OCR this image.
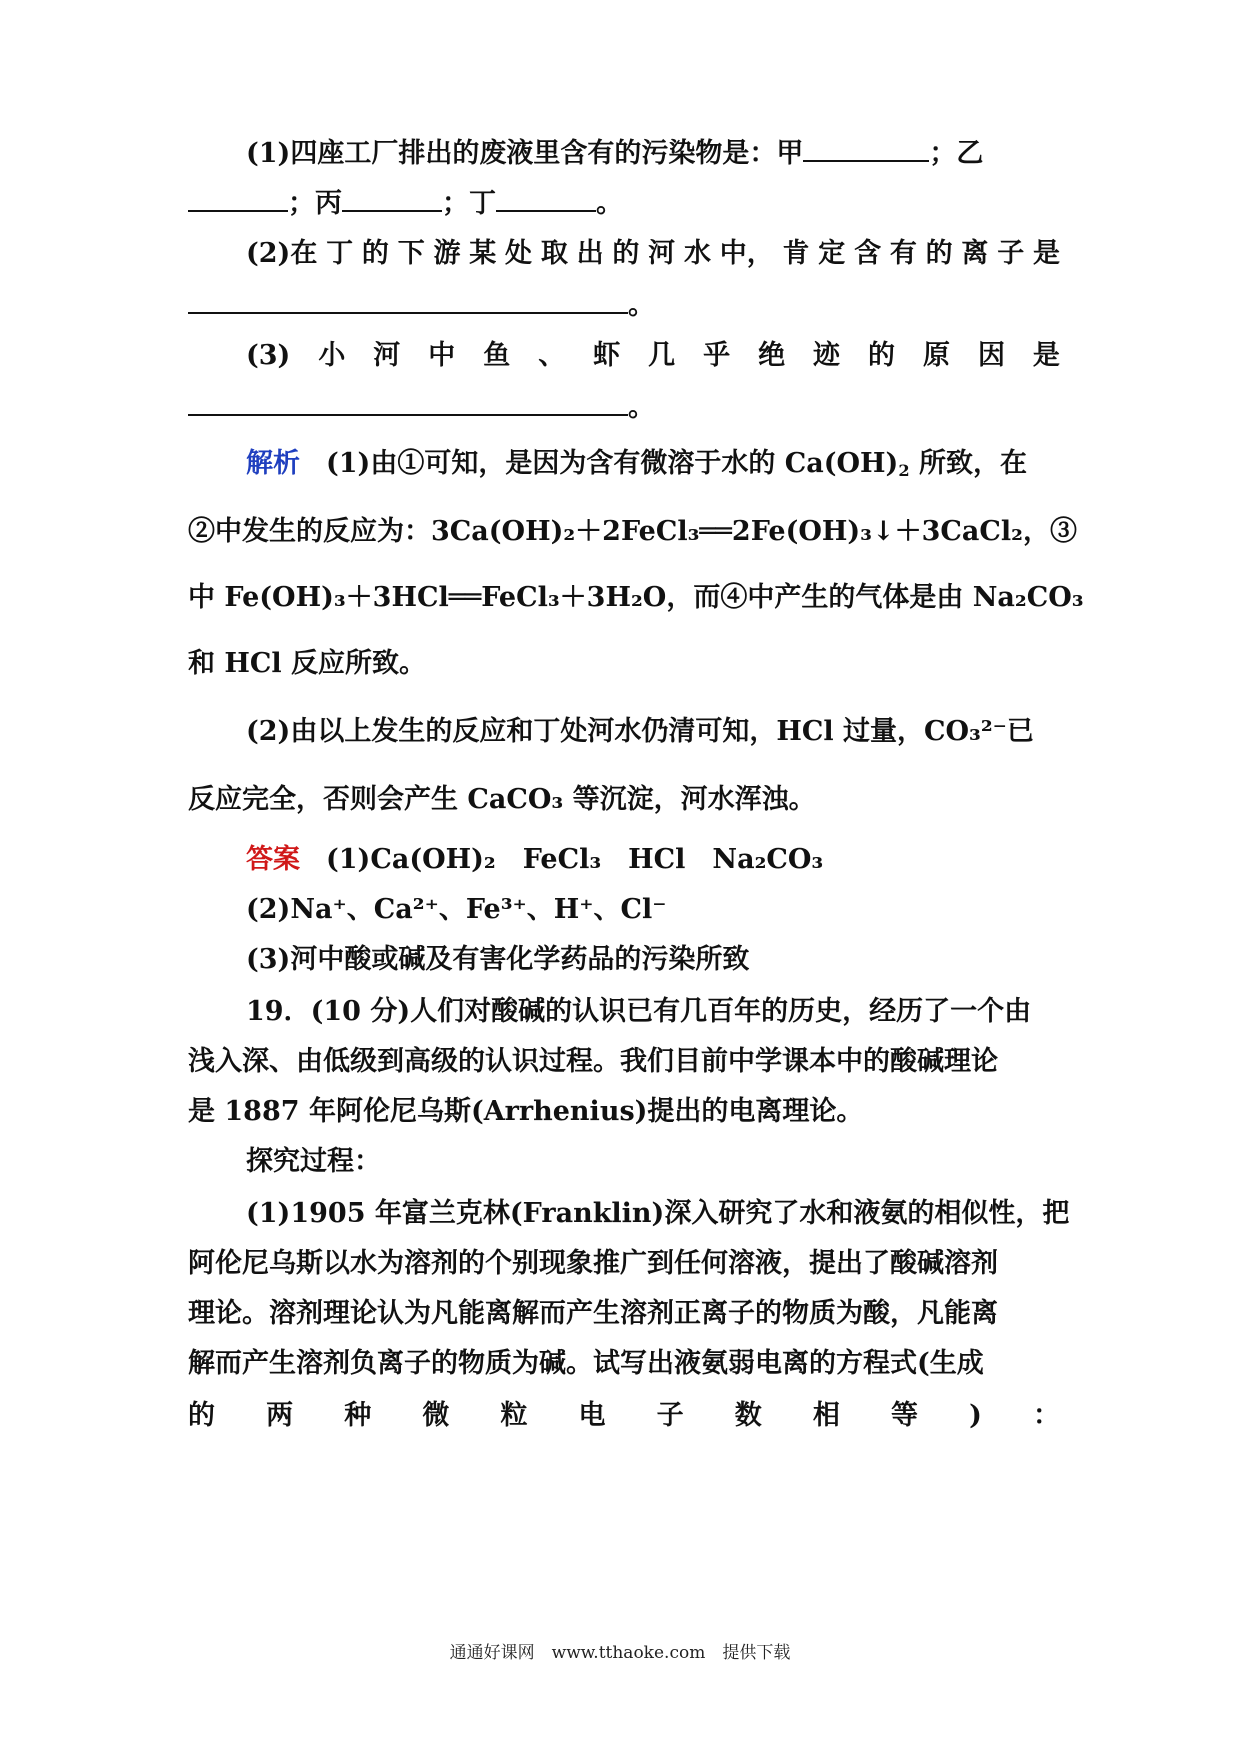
(1)四座工厂排出的废液里含有的污染物是：甲	；乙
；丙	；丁	。
(2)在 丁 的 下 游 某 处 取 出 的 河 水 中， 肯 定 含 有 的 离 子 是
。
(3) 小 河 中 鱼 、 虾 几 乎 绝 迹 的 原 因 是
。
解析 (1)由①可知，是因为含有微溶于水的 $Ca(OH)_2$ 所致，在
②中发生的反应为：3Ca(OH)₂＋2FeCl₃══2Fe(OH)₃↓＋3CaCl₂，③
中 Fe(OH)₃＋3HCl══FeCl₃＋3H₂O，而④中产生的气体是由 Na₂CO₃
和 HCl 反应所致。
(2)由以上发生的反应和丁处河水仍清可知，HCl 过量，CO₃²⁻已
反应完全，否则会产生 CaCO₃ 等沉淀，河水浑浊。
答案 (1)Ca(OH)₂　FeCl₃　HCl　Na₂CO₃
(2)Na⁺、Ca²⁺、Fe³⁺、H⁺、Cl⁻
(3)河中酸或碱及有害化学药品的污染所致
19．(10 分)人们对酸碱的认识已有几百年的历史，经历了一个由
浅入深、由低级到高级的认识过程。我们目前中学课本中的酸碱理论
是 1887 年阿伦尼乌斯(Arrhenius)提出的电离理论。
探究过程：
(1)1905 年富兰克林(Franklin)深入研究了水和液氨的相似性，把
阿伦尼乌斯以水为溶剂的个别现象推广到任何溶液，提出了酸碱溶剂
理论。溶剂理论认为凡能离解而产生溶剂正离子的物质为酸，凡能离
解而产生溶剂负离子的物质为碱。试写出液氨弱电离的方程式(生成
的 两 种 微 粒 电 子 数 相 等 ) ：
通通好课网　www.tthaoke.com　提供下载
